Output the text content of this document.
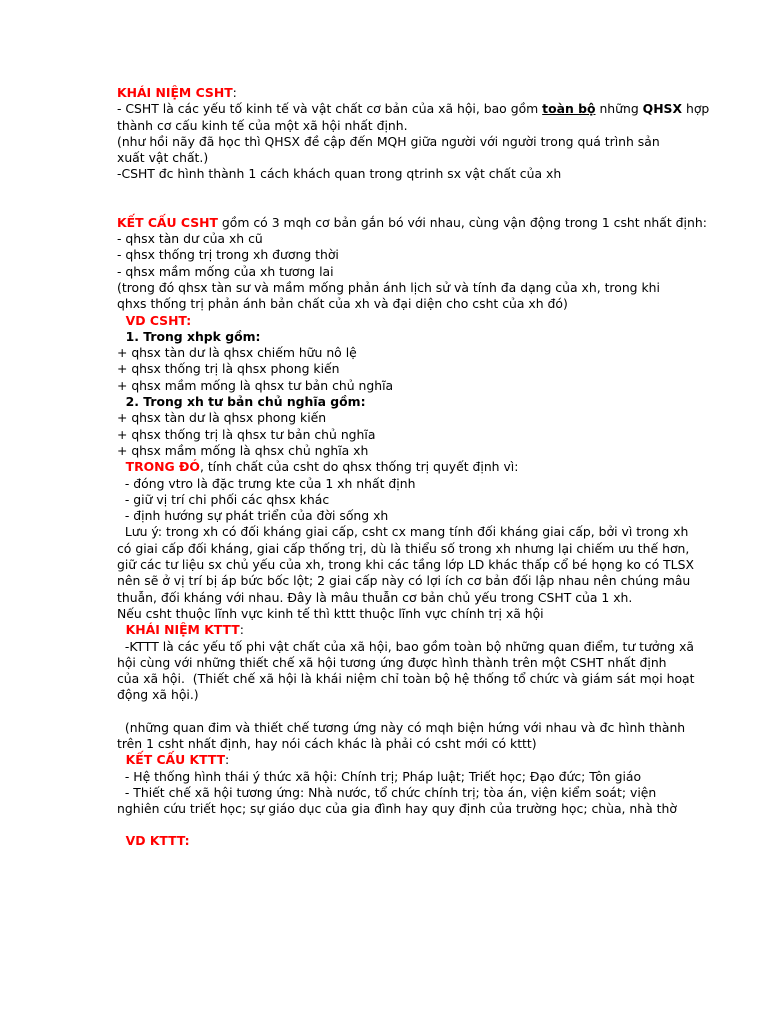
KHÁI NIỆM CSHT:
- CSHT là các yếu tố kinh tế và vật chất cơ bản của xã hội, bao gồm toàn bộ những QHSX hợp
thành cơ cấu kinh tế của một xã hội nhất định.
(như hồi nãy đã học thì QHSX đề cập đến MQH giữa người với người trong quá trình sản
xuất vật chất.)
-CSHT đc hình thành 1 cách khách quan trong qtrinh sx vật chất của xh
KẾT CẤU CSHT gồm có 3 mqh cơ bản gắn bó với nhau, cùng vận động trong 1 csht nhất định:
- qhsx tàn dư của xh cũ
- qhsx thống trị trong xh đương thời
- qhsx mầm mống của xh tương lai
(trong đó qhsx tàn sư và mầm mống phản ánh lịch sử và tính đa dạng của xh, trong khi
qhxs thống trị phản ánh bản chất của xh và đại diện cho csht của xh đó)
VD CSHT:
1. Trong xhpk gồm:
+ qhsx tàn dư là qhsx chiếm hữu nô lệ
+ qhsx thống trị là qhsx phong kiến
+ qhsx mầm mống là qhsx tư bản chủ nghĩa
2. Trong xh tư bản chủ nghĩa gồm:
+ qhsx tàn dư là qhsx phong kiến
+ qhsx thống trị là qhsx tư bản chủ nghĩa
+ qhsx mầm mống là qhsx chủ nghĩa xh
TRONG ĐÓ, tính chất của csht do qhsx thống trị quyết định vì:
- đóng vtro là đặc trưng kte của 1 xh nhất định
- giữ vị trí chi phối các qhsx khác
- định hướng sự phát triển của đời sống xh
Lưu ý: trong xh có đối kháng giai cấp, csht cx mang tính đối kháng giai cấp, bởi vì trong xh
có giai cấp đối kháng, giai cấp thống trị, dù là thiểu số trong xh nhưng lại chiếm ưu thế hơn,
giữ các tư liệu sx chủ yếu của xh, trong khi các tầng lớp LD khác thấp cổ bé họng ko có TLSX
nên sẽ ở vị trí bị áp bức bốc lột; 2 giai cấp này có lợi ích cơ bản đối lập nhau nên chúng mâu
thuẫn, đối kháng với nhau. Đây là mâu thuẫn cơ bản chủ yếu trong CSHT của 1 xh.
Nếu csht thuộc lĩnh vực kinh tế thì kttt thuộc lĩnh vực chính trị xã hội
KHÁI NIỆM KTTT:
-KTTT là các yếu tố phi vật chất của xã hội, bao gồm toàn bộ những quan điểm, tư tưởng xã
hội cùng với những thiết chế xã hội tương ứng được hình thành trên một CSHT nhất định
của xã hội.  (Thiết chế xã hội là khái niệm chỉ toàn bộ hệ thống tổ chức và giám sát mọi hoạt
động xã hội.)
(những quan đim và thiết chế tương ứng này có mqh biện hứng với nhau và đc hình thành
trên 1 csht nhất định, hay nói cách khác là phải có csht mới có kttt)
KẾT CẤU KTTT:
- Hệ thống hình thái ý thức xã hội: Chính trị; Pháp luật; Triết học; Đạo đức; Tôn giáo
- Thiết chế xã hội tương ứng: Nhà nước, tổ chức chính trị; tòa án, viện kiểm soát; viện
nghiên cứu triết học; sự giáo dục của gia đình hay quy định của trường học; chùa, nhà thờ
VD KTTT:
